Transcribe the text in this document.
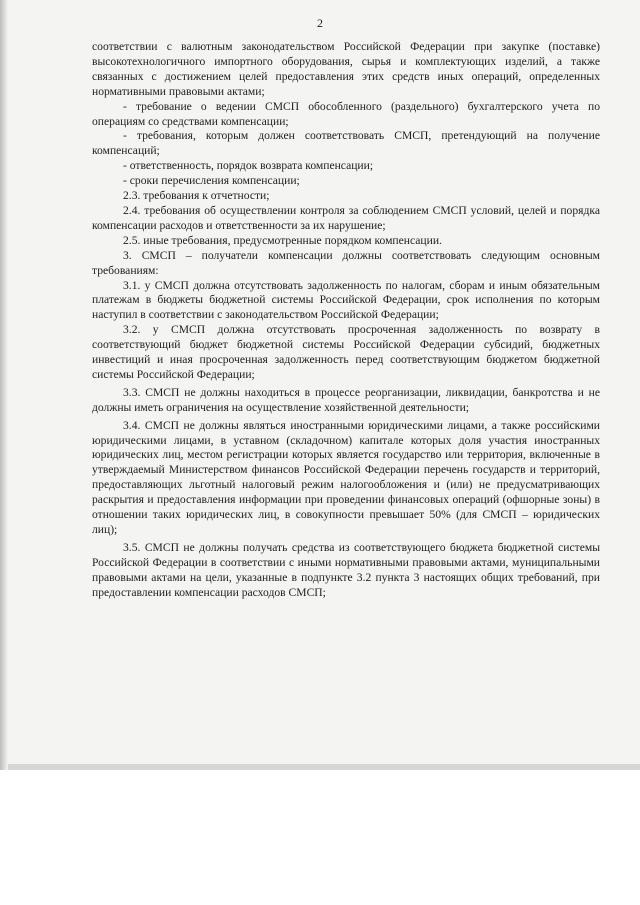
2

соответствии с валютным законодательством Российской Федерации при закупке (поставке) высокотехнологичного импортного оборудования, сырья и комплектующих изделий, а также связанных с достижением целей предоставления этих средств иных операций, определенных нормативными правовыми актами;

- требование о ведении СМСП обособленного (раздельного) бухгалтерского учета по операциям со средствами компенсации;

- требования, которым должен соответствовать СМСП, претендующий на получение компенсаций;

- ответственность, порядок возврата компенсации;

- сроки перечисления компенсации;

2.3. требования к отчетности;

2.4. требования об осуществлении контроля за соблюдением СМСП условий, целей и порядка компенсации расходов и ответственности за их нарушение;

2.5. иные требования, предусмотренные порядком компенсации.

3. СМСП – получатели компенсации должны соответствовать следующим основным требованиям:

3.1. у СМСП должна отсутствовать задолженность по налогам, сборам и иным обязательным платежам в бюджеты бюджетной системы Российской Федерации, срок исполнения по которым наступил в соответствии с законодательством Российской Федерации;

3.2. у СМСП должна отсутствовать просроченная задолженность по возврату в соответствующий бюджет бюджетной системы Российской Федерации субсидий, бюджетных инвестиций и иная просроченная задолженность перед соответствующим бюджетом бюджетной системы Российской Федерации;

3.3. СМСП не должны находиться в процессе реорганизации, ликвидации, банкротства и не должны иметь ограничения на осуществление хозяйственной деятельности;

3.4. СМСП не должны являться иностранными юридическими лицами, а также российскими юридическими лицами, в уставном (складочном) капитале которых доля участия иностранных юридических лиц, местом регистрации которых является государство или территория, включенные в утверждаемый Министерством финансов Российской Федерации перечень государств и территорий, предоставляющих льготный налоговый режим налогообложения и (или) не предусматривающих раскрытия и предоставления информации при проведении финансовых операций (офшорные зоны) в отношении таких юридических лиц, в совокупности превышает 50% (для СМСП – юридических лиц);

3.5. СМСП не должны получать средства из соответствующего бюджета бюджетной системы Российской Федерации в соответствии с иными нормативными правовыми актами, муниципальными правовыми актами на цели, указанные в подпункте 3.2 пункта 3 настоящих общих требований, при предоставлении компенсации расходов СМСП;
